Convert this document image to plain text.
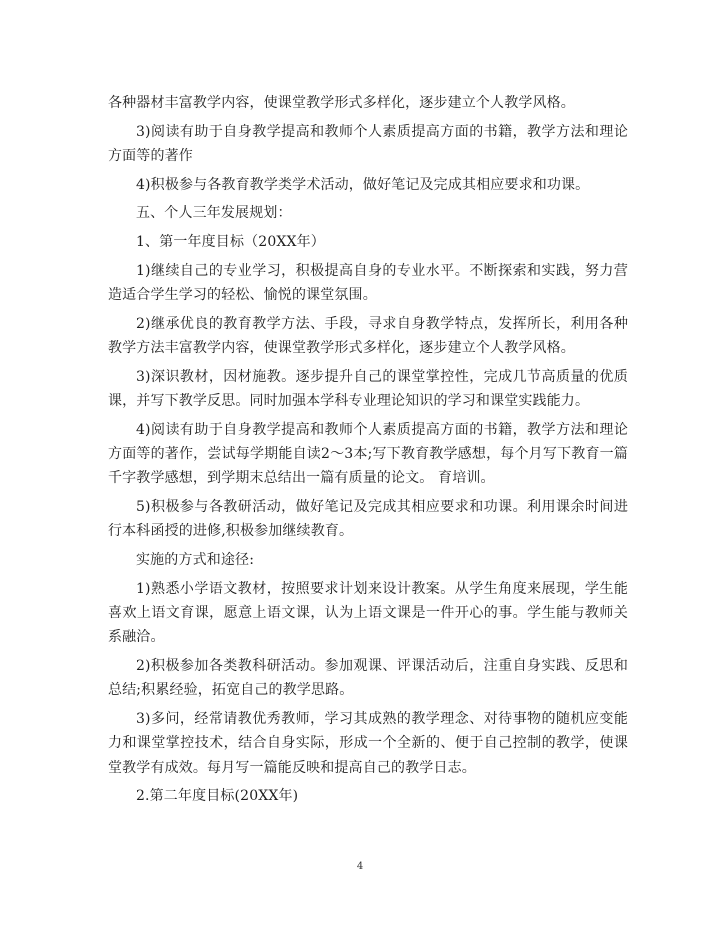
各种器材丰富教学内容，使课堂教学形式多样化，逐步建立个人教学风格。

3)阅读有助于自身教学提高和教师个人素质提高方面的书籍，教学方法和理论方面等的著作

4)积极参与各教育教学类学术活动，做好笔记及完成其相应要求和功课。

五、个人三年发展规划：

1、第一年度目标（20XX年）

1)继续自己的专业学习，积极提高自身的专业水平。不断探索和实践，努力营造适合学生学习的轻松、愉悦的课堂氛围。

2)继承优良的教育教学方法、手段，寻求自身教学特点，发挥所长，利用各种教学方法丰富教学内容，使课堂教学形式多样化，逐步建立个人教学风格。

3)深识教材，因材施教。逐步提升自己的课堂掌控性，完成几节高质量的优质课，并写下教学反思。同时加强本学科专业理论知识的学习和课堂实践能力。

4)阅读有助于自身教学提高和教师个人素质提高方面的书籍，教学方法和理论方面等的著作，尝试每学期能自读2～3本;写下教育教学感想，每个月写下教育一篇千字教学感想，到学期末总结出一篇有质量的论文。 育培训。

5)积极参与各教研活动，做好笔记及完成其相应要求和功课。利用课余时间进行本科函授的进修,积极参加继续教育。

实施的方式和途径:

1)熟悉小学语文教材，按照要求计划来设计教案。从学生角度来展现，学生能喜欢上语文育课，愿意上语文课，认为上语文课是一件开心的事。学生能与教师关系融洽。

2)积极参加各类教科研活动。参加观课、评课活动后，注重自身实践、反思和总结;积累经验，拓宽自己的教学思路。

3)多问，经常请教优秀教师，学习其成熟的教学理念、对待事物的随机应变能力和课堂掌控技术，结合自身实际，形成一个全新的、便于自己控制的教学，使课堂教学有成效。每月写一篇能反映和提高自己的教学日志。

2.第二年度目标(20XX年)

4
